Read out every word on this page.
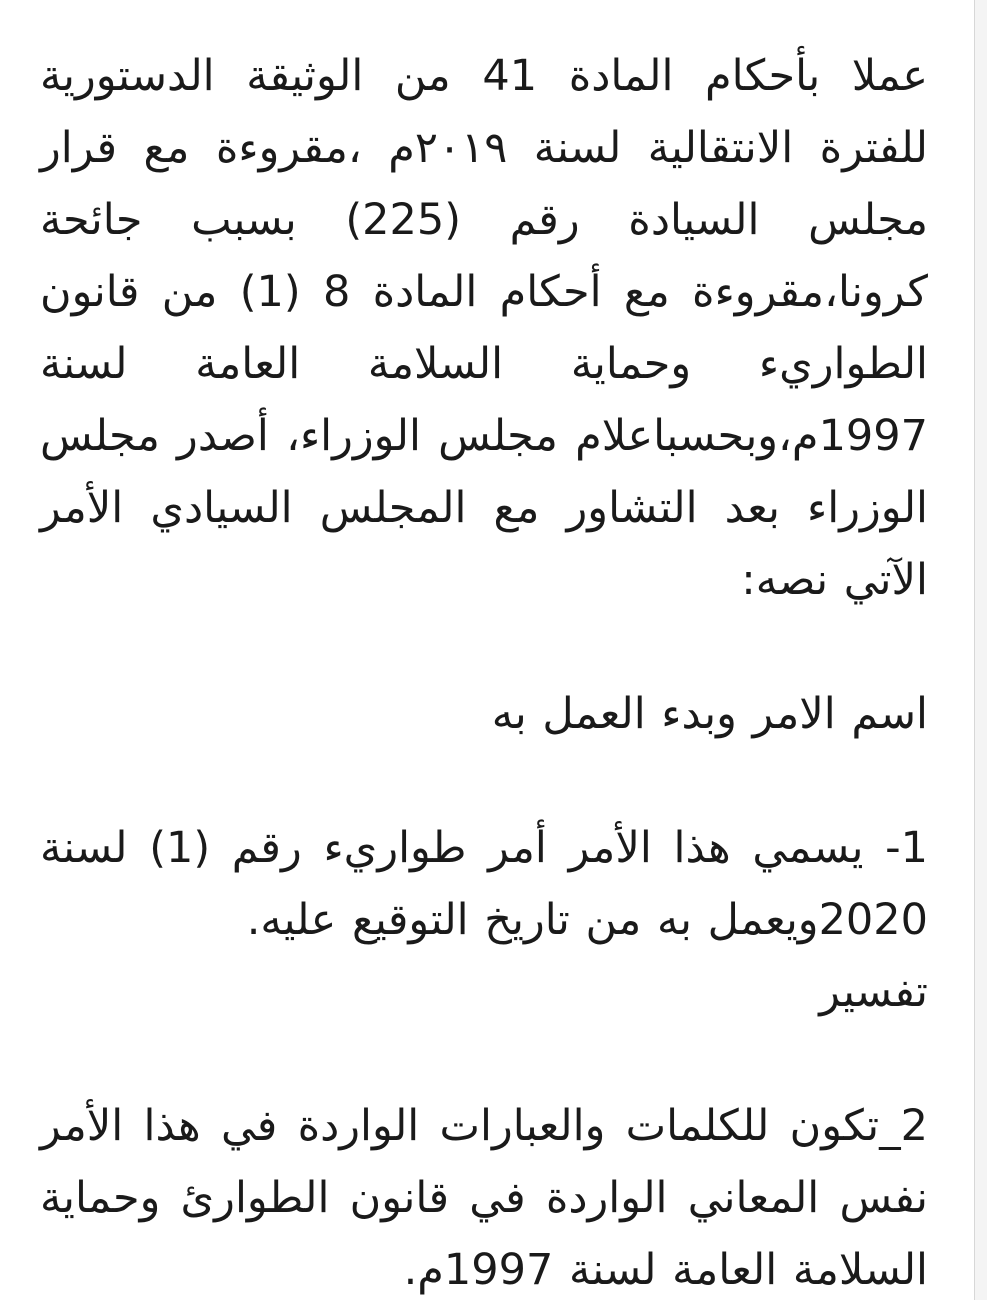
عملا بأحكام المادة 41 من الوثيقة الدستورية للفترة الانتقالية لسنة ٢٠١٩م ،مقروءة مع قرار مجلس السيادة رقم (225) بسبب جائحة كرونا،مقروءة مع أحكام المادة 8 (1) من قانون الطواريء وحماية السلامة العامة لسنة 1997م،وبحسباعلام مجلس الوزراء، أصدر مجلس الوزراء بعد التشاور مع المجلس السيادي الأمر الآتي نصه:

اسم الامر وبدء العمل به

1- يسمي هذا الأمر أمر طواريء رقم (1) لسنة 2020ويعمل به من تاريخ التوقيع عليه.
تفسير

2_تكون للكلمات والعبارات الواردة في هذا الأمر نفس المعاني الواردة في قانون الطوارئ وحماية السلامة العامة لسنة 1997م.
